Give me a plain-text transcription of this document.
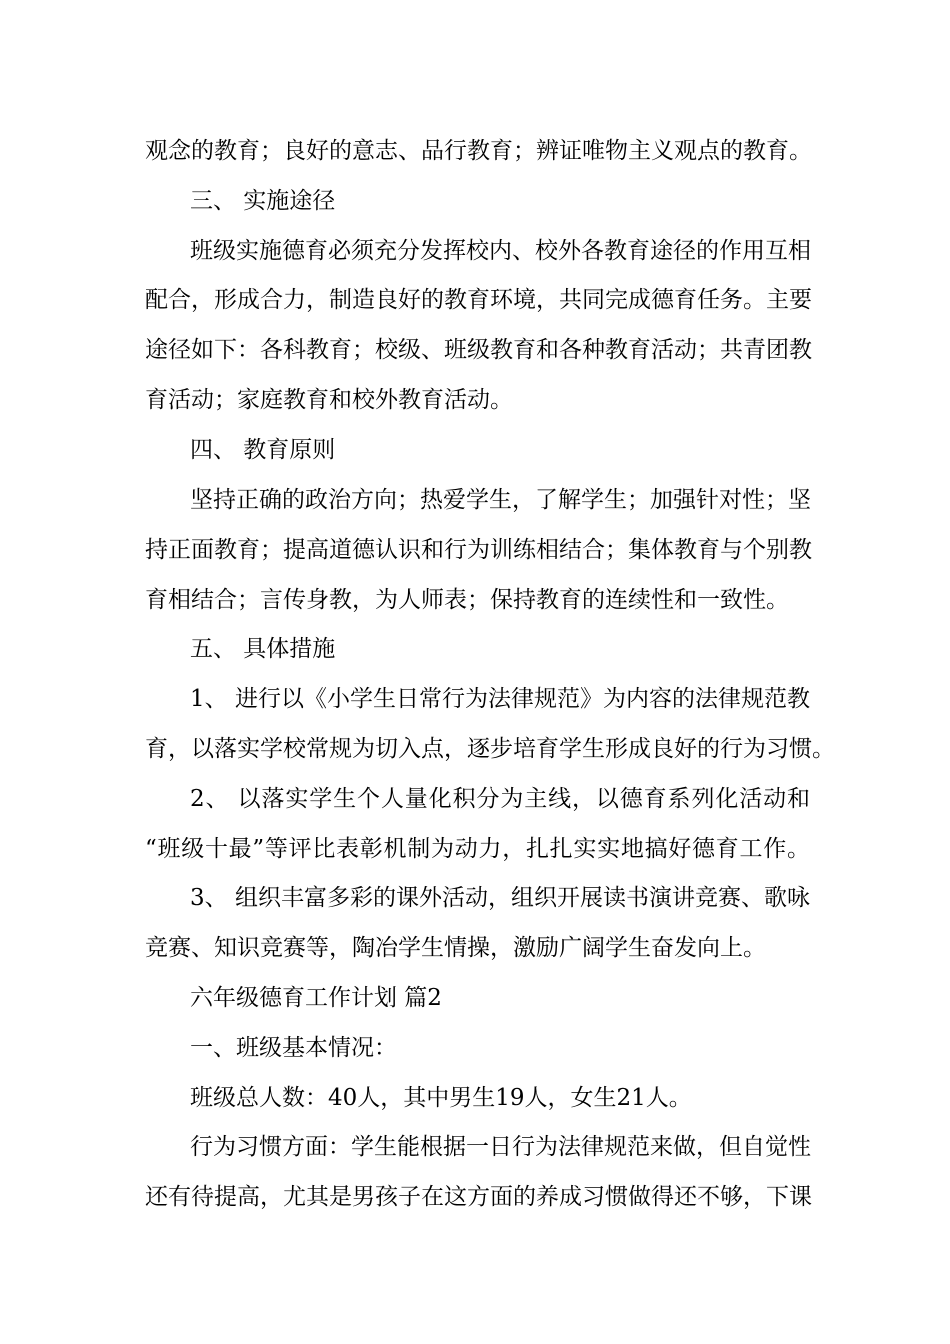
观念的教育；良好的意志、品行教育；辨证唯物主义观点的教育。
三、 实施途径
班级实施德育必须充分发挥校内、校外各教育途径的作用互相
配合，形成合力，制造良好的教育环境，共同完成德育任务。主要
途径如下：各科教育；校级、班级教育和各种教育活动；共青团教
育活动；家庭教育和校外教育活动。
四、 教育原则
坚持正确的政治方向；热爱学生，了解学生；加强针对性；坚
持正面教育；提高道德认识和行为训练相结合；集体教育与个别教
育相结合；言传身教，为人师表；保持教育的连续性和一致性。
五、 具体措施
1、 进行以《小学生日常行为法律规范》为内容的法律规范教
育，以落实学校常规为切入点，逐步培育学生形成良好的行为习惯。
2、 以落实学生个人量化积分为主线，以德育系列化活动和
“班级十最”等评比表彰机制为动力，扎扎实实地搞好德育工作。
3、 组织丰富多彩的课外活动，组织开展读书演讲竞赛、歌咏
竞赛、知识竞赛等，陶冶学生情操，激励广阔学生奋发向上。
六年级德育工作计划 篇2
一、班级基本情况：
班级总人数：40人，其中男生19人，女生21人。
行为习惯方面：学生能根据一日行为法律规范来做，但自觉性
还有待提高，尤其是男孩子在这方面的养成习惯做得还不够，下课
